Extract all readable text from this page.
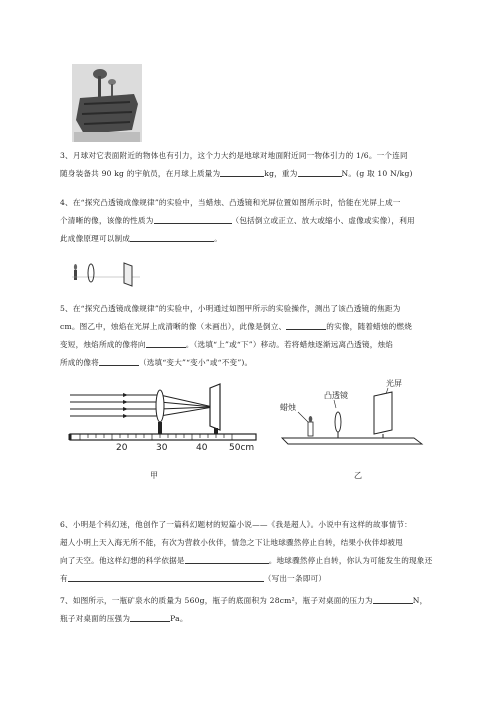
3、月球对它表面附近的物体也有引力，这个力大约是地球对地面附近同一物体引力的 1/6。一个连同
随身装备共 90 kg 的宇航员，在月球上质量为	kg，重为	N。(g 取 10 N/kg)
4、在“探究凸透镜成像规律”的实验中，当蜡烛、凸透镜和光屏位置如图所示时，恰能在光屏上成一
个清晰的像，该像的性质为	（包括倒立或正立、放大或缩小、虚像或实像），利用
此成像原理可以制成	。
5、在“探究凸透镜成像规律”的实验中，小明通过如图甲所示的实验操作，测出了该凸透镜的焦距为
cm。图乙中，烛焰在光屏上成清晰的像（未画出），此像是倒立、	的实像，随着蜡烛的燃烧
变短，烛焰所成的像将向	。（选填“上”或“下”）移动。若将蜡烛逐渐远离凸透镜，烛焰
所成的像将	（选填“变大”“变小”或“不变”)。
20	30	40 50cm
甲
凸透镜
光屏
蜡烛
乙
6、小明是个科幻迷，他创作了一篇科幻题材的短篇小说——《我是超人》。小说中有这样的故事情节：
超人小明上天入海无所不能，有次为营救小伙伴，情急之下让地球骤然停止自转，结果小伙伴却被甩
向了天空。他这样幻想的科学依据是	。地球骤然停止自转，你认为可能发生的现象还
有	（写出一条即可）
7、如图所示，一瓶矿泉水的质量为 560g，瓶子的底面积为 28cm²，瓶子对桌面的压力为	N，
瓶子对桌面的压强为	Pa。
